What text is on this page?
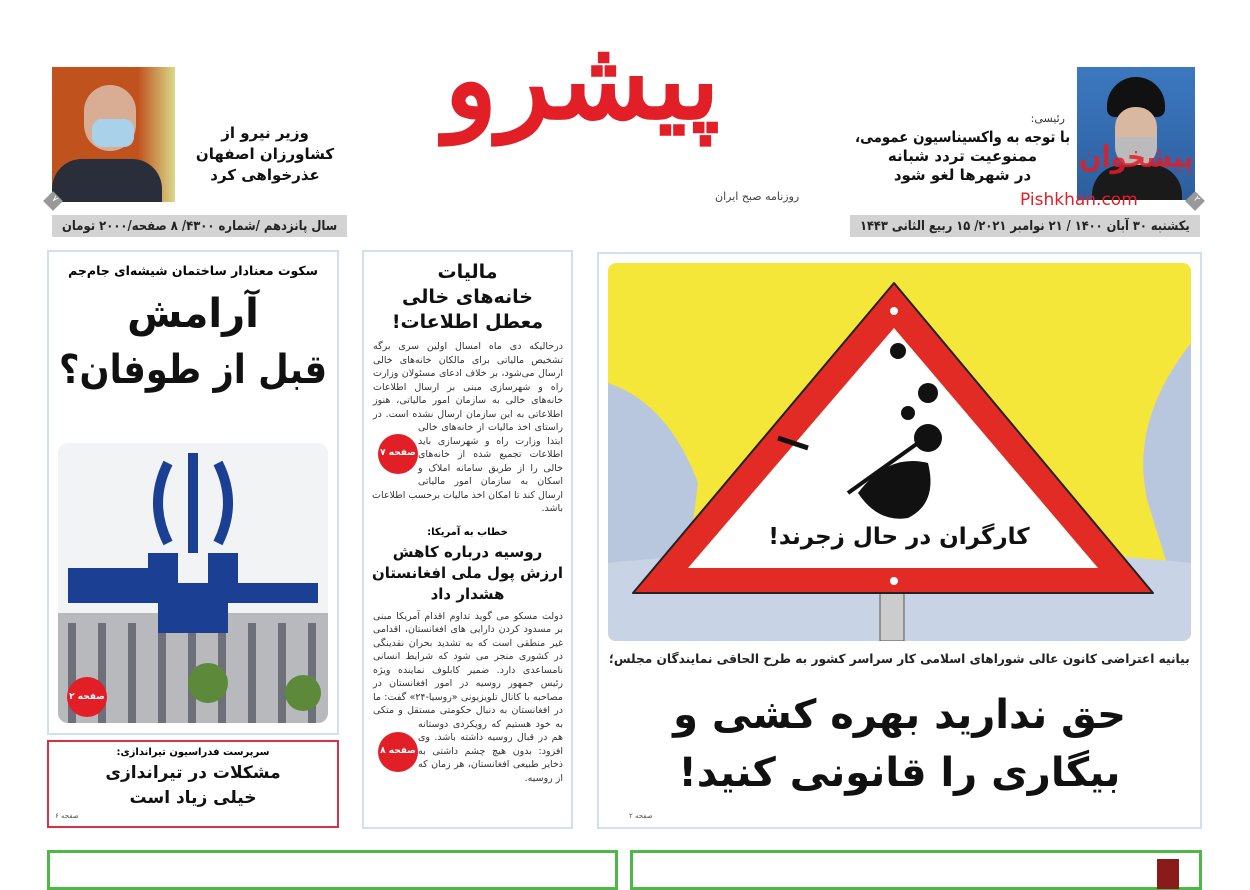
پیشرو
روزنامه صبح ایران
پیشخوان
Pishkhan.com
رئیسی:
با توجه به واکسیناسیون عمومی،
ممنوعیت تردد شبانه
در شهرها لغو شود
۲
۷
وزیر نیرو از
کشاورزان اصفهان
عذرخواهی کرد
یکشنبه ۳۰ آبان ۱۴۰۰ / ۲۱ نوامبر ۲۰۲۱/ ۱۵ ربیع الثانی ۱۴۴۳
سال پانزدهم /شماره ۴۳۰۰/ ۸ صفحه/۲۰۰۰ تومان
کارگران در حال زجرند!
بیانیه اعتراضی کانون عالی شوراهای اسلامی کار سراسر کشور به طرح الحاقی نمایندگان مجلس؛
حق ندارید بهره کشی و
بیگاری را قانونی کنید!
صفحه ۲
مالیات
خانه‌های خالی
معطل اطلاعات!
صفحه ۷
درحالیکه دی ماه امسال اولین سری برگه تشخیص مالیاتی برای مالکان خانه‌های خالی ارسال می‌شود، بر خلاف ادعای مسئولان وزارت راه و شهرسازی مبنی بر ارسال اطلاعات خانه‌های خالی به سازمان امور مالیاتی، هنوز اطلاعاتی به این سازمان ارسال نشده است. در راستای اخذ مالیات از خانه‌های خالی ابتدا وزارت راه و شهرسازی باید اطلاعات تجمیع شده از خانه‌های خالی را از طریق سامانه املاک و اسکان به سازمان امور مالیاتی ارسال کند تا امکان اخذ مالیات برحسب اطلاعات باشد.
خطاب به آمریکا:
روسیه درباره کاهش
ارزش پول ملی افغانستان
هشدار داد
صفحه ۸
دولت مسکو می گوید تداوم اقدام آمریکا مبنی بر مسدود کردن دارایی های افغانستان، اقدامی غیر منطقی است که به تشدید بحران نقدینگی در کشوری منجر می شود که شرایط انسانی نامساعدی دارد. ضمیر کابلوف نماینده ویژه رئیس جمهور روسیه در امور افغانستان در مصاحبه با کانال تلویزیونی «روسیا-۲۴» گفت: ما در افغانستان به دنبال حکومتی مستقل و متکی به خود هستیم که رویکردی دوستانه هم در قبال روسیه داشته باشد. وی افزود: بدون هیچ چشم داشتی به ذخایر طبیعی افغانستان، هر زمان که از روسیه.
سکوت معنادار ساختمان شیشه‌ای جام‌جم
آرامش
قبل از طوفان؟
صفحه ۲
سرپرست فدراسیون تیراندازی:
مشکلات در تیراندازی
خیلی زیاد است
صفحه ۶
